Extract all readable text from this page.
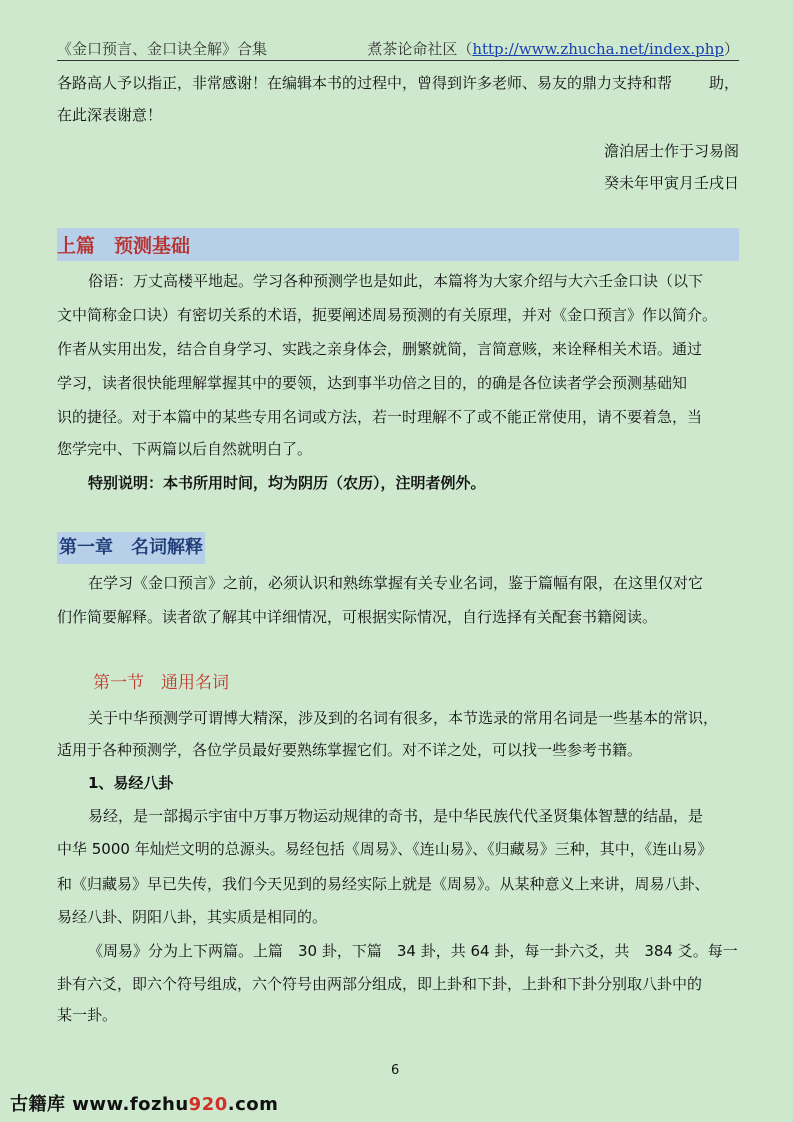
《金口预言、金口诀全解》合集	煮茶论命社区（http://www.zhucha.net/index.php）
各路高人予以指正，非常感谢！在编辑本书的过程中，曾得到许多老师、易友的鼎力支持和帮 助，
在此深表谢意！
澹泊居士作于习易阁
癸未年甲寅月壬戌日
上篇　预测基础
俗语：万丈高楼平地起。学习各种预测学也是如此，本篇将为大家介绍与大六壬金口诀（以下
文中简称金口诀）有密切关系的术语，扼要阐述周易预测的有关原理，并对《金口预言》作以简介。
作者从实用出发，结合自身学习、实践之亲身体会，删繁就简，言简意赅，来诠释相关术语。通过
学习，读者很快能理解掌握其中的要领，达到事半功倍之目的，的确是各位读者学会预测基础知
识的捷径。对于本篇中的某些专用名词或方法，若一时理解不了或不能正常使用，请不要着急，当
您学完中、下两篇以后自然就明白了。
特别说明：本书所用时间，均为阴历（农历），注明者例外。
第一章　名词解释
在学习《金口预言》之前，必须认识和熟练掌握有关专业名词，鉴于篇幅有限，在这里仅对它
们作简要解释。读者欲了解其中详细情况，可根据实际情况，自行选择有关配套书籍阅读。
第一节　通用名词
关于中华预测学可谓博大精深，涉及到的名词有很多，本节选录的常用名词是一些基本的常识，
适用于各种预测学，各位学员最好要熟练掌握它们。对不详之处，可以找一些参考书籍。
1、易经八卦
易经，是一部揭示宇宙中万事万物运动规律的奇书，是中华民族代代圣贤集体智慧的结晶，是
中华 5000 年灿烂文明的总源头。易经包括《周易》、《连山易》、《归藏易》三种，其中，《连山易》
和《归藏易》早已失传，我们今天见到的易经实际上就是《周易》。从某种意义上来讲，周易八卦、
易经八卦、阴阳八卦，其实质是相同的。
《周易》分为上下两篇。上篇　30 卦，下篇　34 卦，共 64 卦，每一卦六爻，共　384 爻。每一
卦有六爻，即六个符号组成，六个符号由两部分组成，即上卦和下卦，上卦和下卦分别取八卦中的
某一卦。
6
古籍库 www.fozhu920.com
